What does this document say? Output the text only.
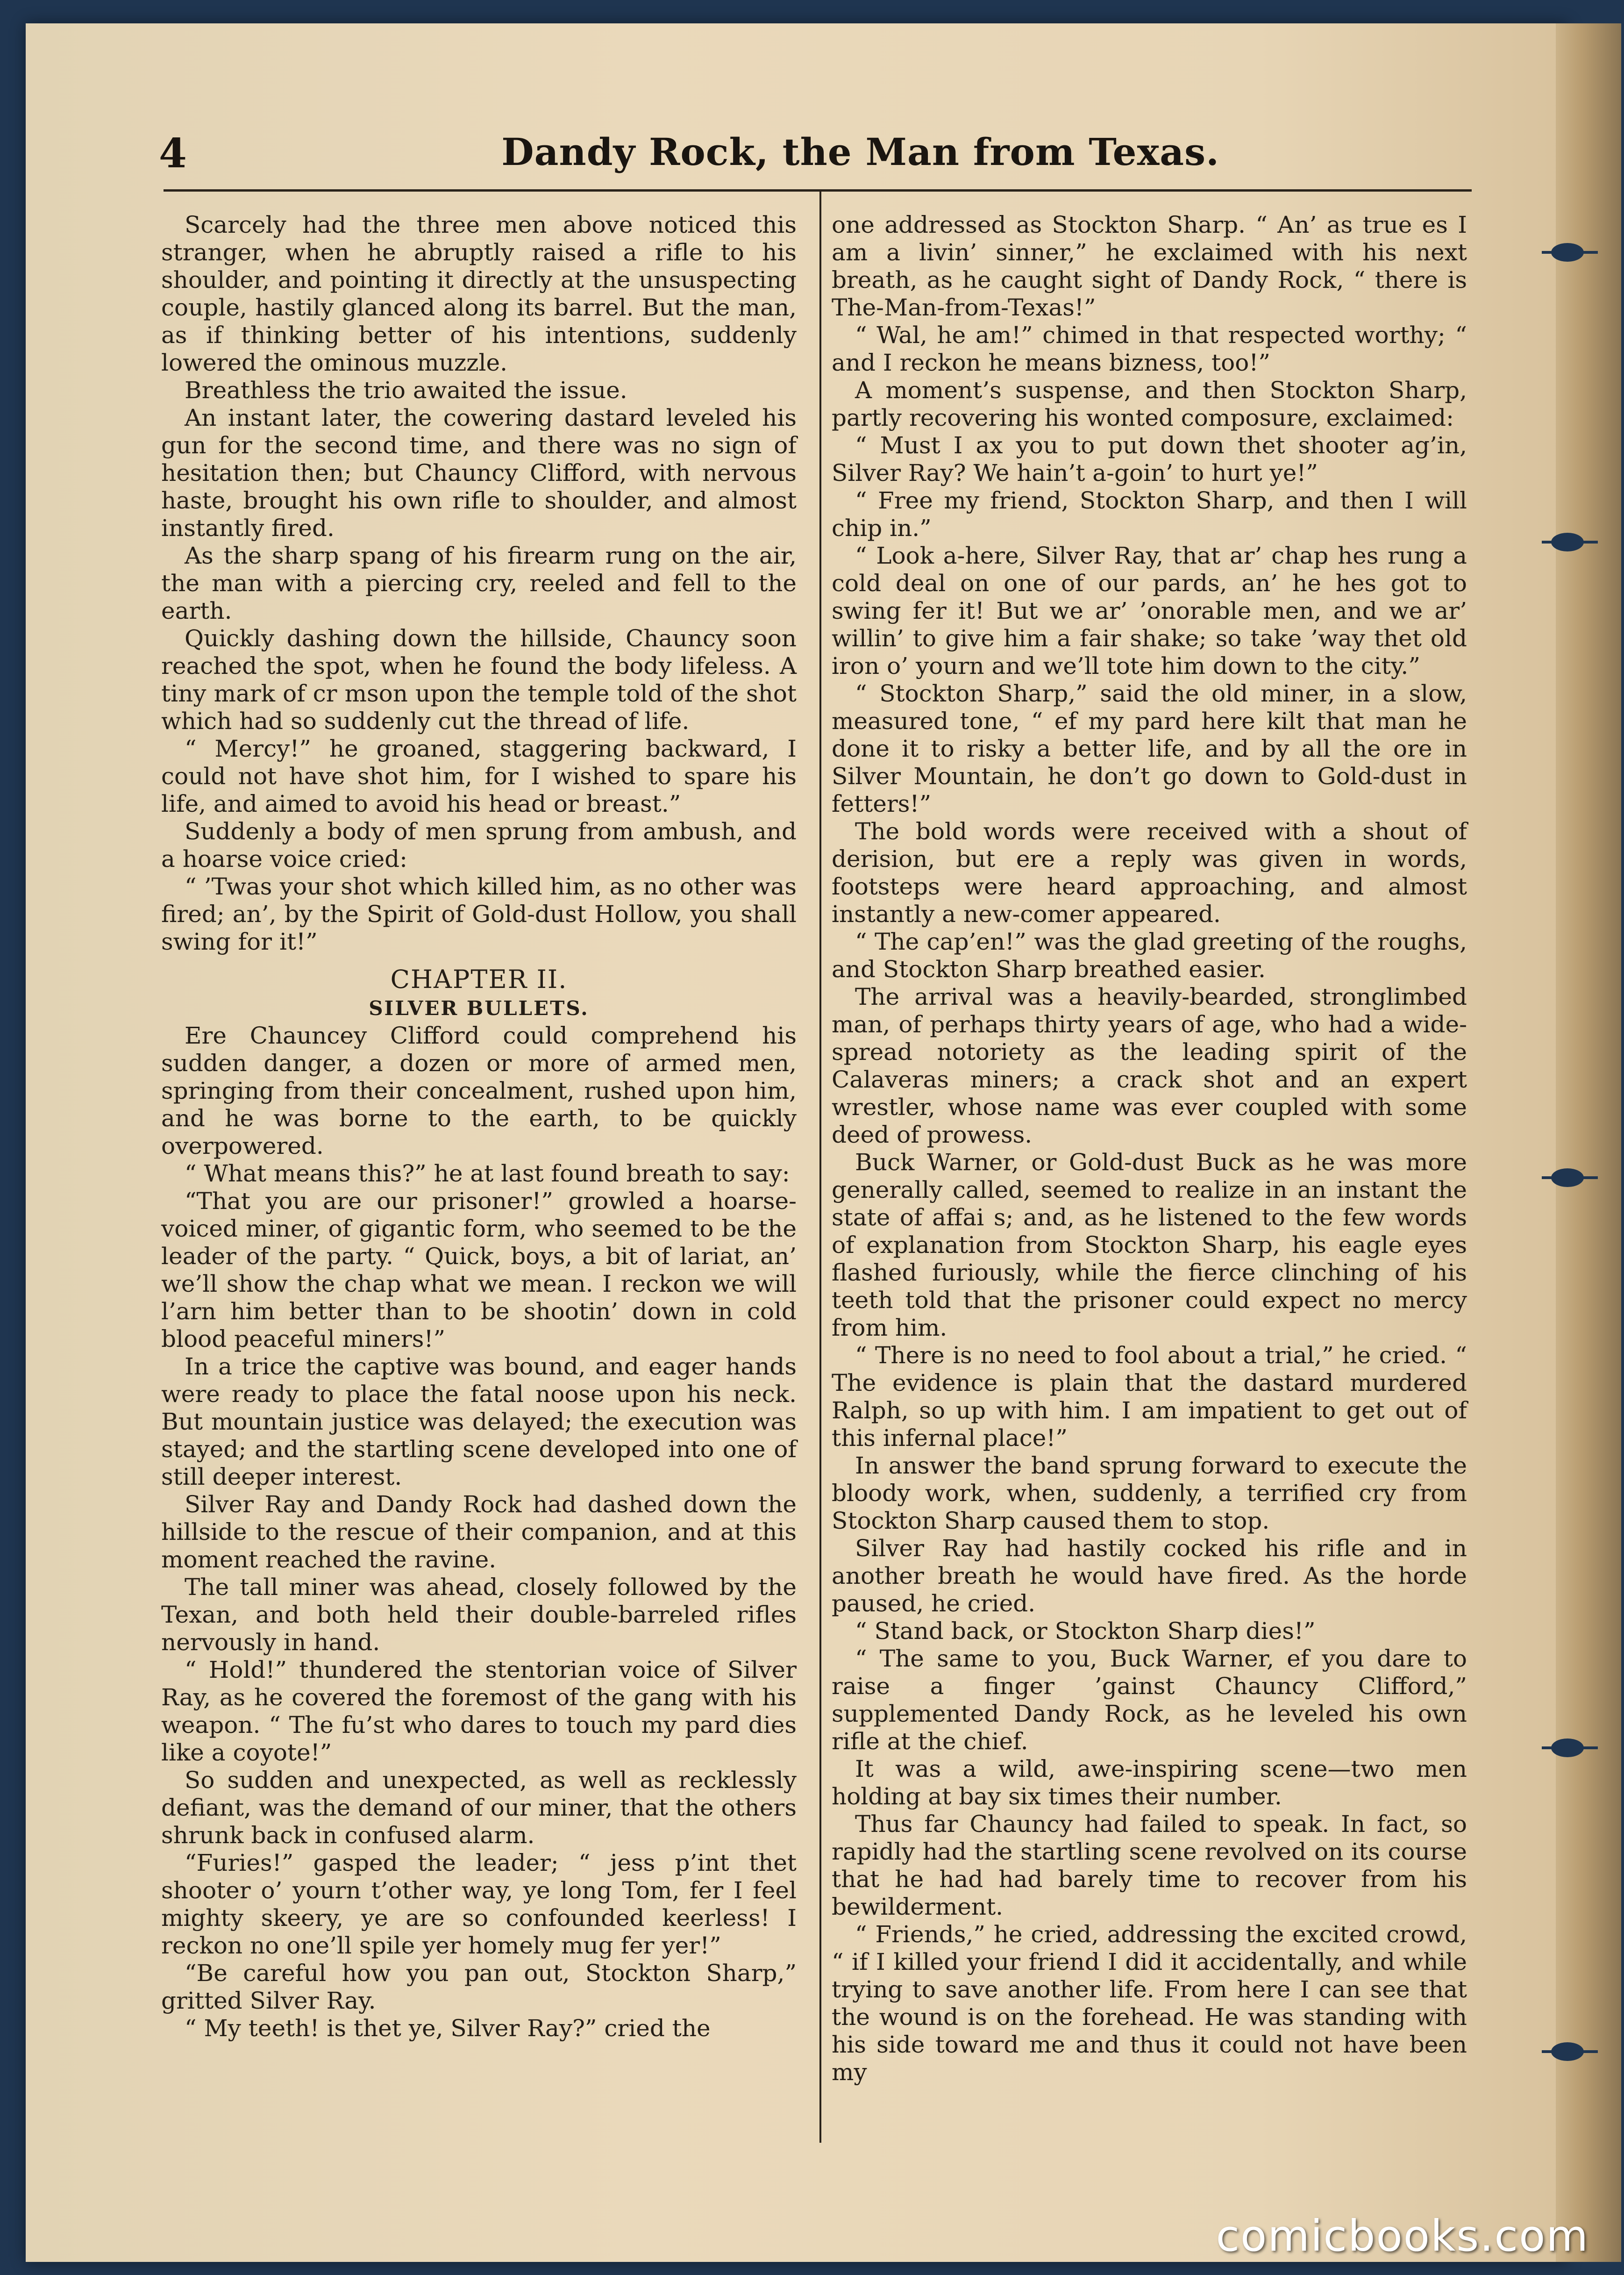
4	Dandy Rock, the Man from Texas.

Scarcely had the three men above noticed this stranger, when he abruptly raised a rifle to his shoulder, and pointing it directly at the unsuspecting couple, hastily glanced along its barrel. But the man, as if thinking better of his intentions, suddenly lowered the ominous muzzle.

Breathless the trio awaited the issue.

An instant later, the cowering dastard leveled his gun for the second time, and there was no sign of hesitation then; but Chauncy Clifford, with nervous haste, brought his own rifle to shoulder, and almost instantly fired.

As the sharp spang of his firearm rung on the air, the man with a piercing cry, reeled and fell to the earth.

Quickly dashing down the hillside, Chauncy soon reached the spot, when he found the body lifeless. A tiny mark of cr mson upon the temple told of the shot which had so suddenly cut the thread of life.

“ Mercy!” he groaned, staggering backward, I could not have shot him, for I wished to spare his life, and aimed to avoid his head or breast.”

Suddenly a body of men sprung from ambush, and a hoarse voice cried:

“ ’Twas your shot which killed him, as no other was fired; an’, by the Spirit of Gold-dust Hollow, you shall swing for it!”

CHAPTER II.
SILVER BULLETS.

Ere Chauncey Clifford could comprehend his sudden danger, a dozen or more of armed men, springing from their concealment, rushed upon him, and he was borne to the earth, to be quickly overpowered.

“ What means this?” he at last found breath to say:

“That you are our prisoner!” growled a hoarse-voiced miner, of gigantic form, who seemed to be the leader of the party. “ Quick, boys, a bit of lariat, an’ we’ll show the chap what we mean. I reckon we will l’arn him better than to be shootin’ down in cold blood peaceful miners!”

In a trice the captive was bound, and eager hands were ready to place the fatal noose upon his neck. But mountain justice was delayed; the execution was stayed; and the startling scene developed into one of still deeper interest.

Silver Ray and Dandy Rock had dashed down the hillside to the rescue of their companion, and at this moment reached the ravine.

The tall miner was ahead, closely followed by the Texan, and both held their double-barreled rifles nervously in hand.

“ Hold!” thundered the stentorian voice of Silver Ray, as he covered the foremost of the gang with his weapon. “ The fu’st who dares to touch my pard dies like a coyote!”

So sudden and unexpected, as well as recklessly defiant, was the demand of our miner, that the others shrunk back in confused alarm.

“Furies!” gasped the leader; “ jess p’int thet shooter o’ yourn t’other way, ye long Tom, fer I feel mighty skeery, ye are so confounded keerless! I reckon no one’ll spile yer homely mug fer yer!”

“Be careful how you pan out, Stockton Sharp,” gritted Silver Ray.

“ My teeth! is thet ye, Silver Ray?” cried the

one addressed as Stockton Sharp. “ An’ as true es I am a livin’ sinner,” he exclaimed with his next breath, as he caught sight of Dandy Rock, “ there is The-Man-from-Texas!”

“ Wal, he am!” chimed in that respected worthy; “ and I reckon he means bizness, too!”

A moment’s suspense, and then Stockton Sharp, partly recovering his wonted composure, exclaimed:

“ Must I ax you to put down thet shooter ag’in, Silver Ray? We hain’t a-goin’ to hurt ye!”

“ Free my friend, Stockton Sharp, and then I will chip in.”

“ Look a-here, Silver Ray, that ar’ chap hes rung a cold deal on one of our pards, an’ he hes got to swing fer it! But we ar’ ’onorable men, and we ar’ willin’ to give him a fair shake; so take ’way thet old iron o’ yourn and we’ll tote him down to the city.”

“ Stockton Sharp,” said the old miner, in a slow, measured tone, “ ef my pard here kilt that man he done it to risky a better life, and by all the ore in Silver Mountain, he don’t go down to Gold-dust in fetters!”

The bold words were received with a shout of derision, but ere a reply was given in words, footsteps were heard approaching, and almost instantly a new-comer appeared.

“ The cap’en!” was the glad greeting of the roughs, and Stockton Sharp breathed easier.

The arrival was a heavily-bearded, stronglimbed man, of perhaps thirty years of age, who had a wide-spread notoriety as the leading spirit of the Calaveras miners; a crack shot and an expert wrestler, whose name was ever coupled with some deed of prowess.

Buck Warner, or Gold-dust Buck as he was more generally called, seemed to realize in an instant the state of affai s; and, as he listened to the few words of explanation from Stockton Sharp, his eagle eyes flashed furiously, while the fierce clinching of his teeth told that the prisoner could expect no mercy from him.

“ There is no need to fool about a trial,” he cried. “ The evidence is plain that the dastard murdered Ralph, so up with him. I am impatient to get out of this infernal place!”

In answer the band sprung forward to execute the bloody work, when, suddenly, a terrified cry from Stockton Sharp caused them to stop.

Silver Ray had hastily cocked his rifle and in another breath he would have fired. As the horde paused, he cried.

“ Stand back, or Stockton Sharp dies!”

“ The same to you, Buck Warner, ef you dare to raise a finger ’gainst Chauncy Clifford,” supplemented Dandy Rock, as he leveled his own rifle at the chief.

It was a wild, awe-inspiring scene—two men holding at bay six times their number.

Thus far Chauncy had failed to speak. In fact, so rapidly had the startling scene revolved on its course that he had had barely time to recover from his bewilderment.

“ Friends,” he cried, addressing the excited crowd, “ if I killed your friend I did it accidentally, and while trying to save another life. From here I can see that the wound is on the forehead. He was standing with his side toward me and thus it could not have been my

comicbooks.com
